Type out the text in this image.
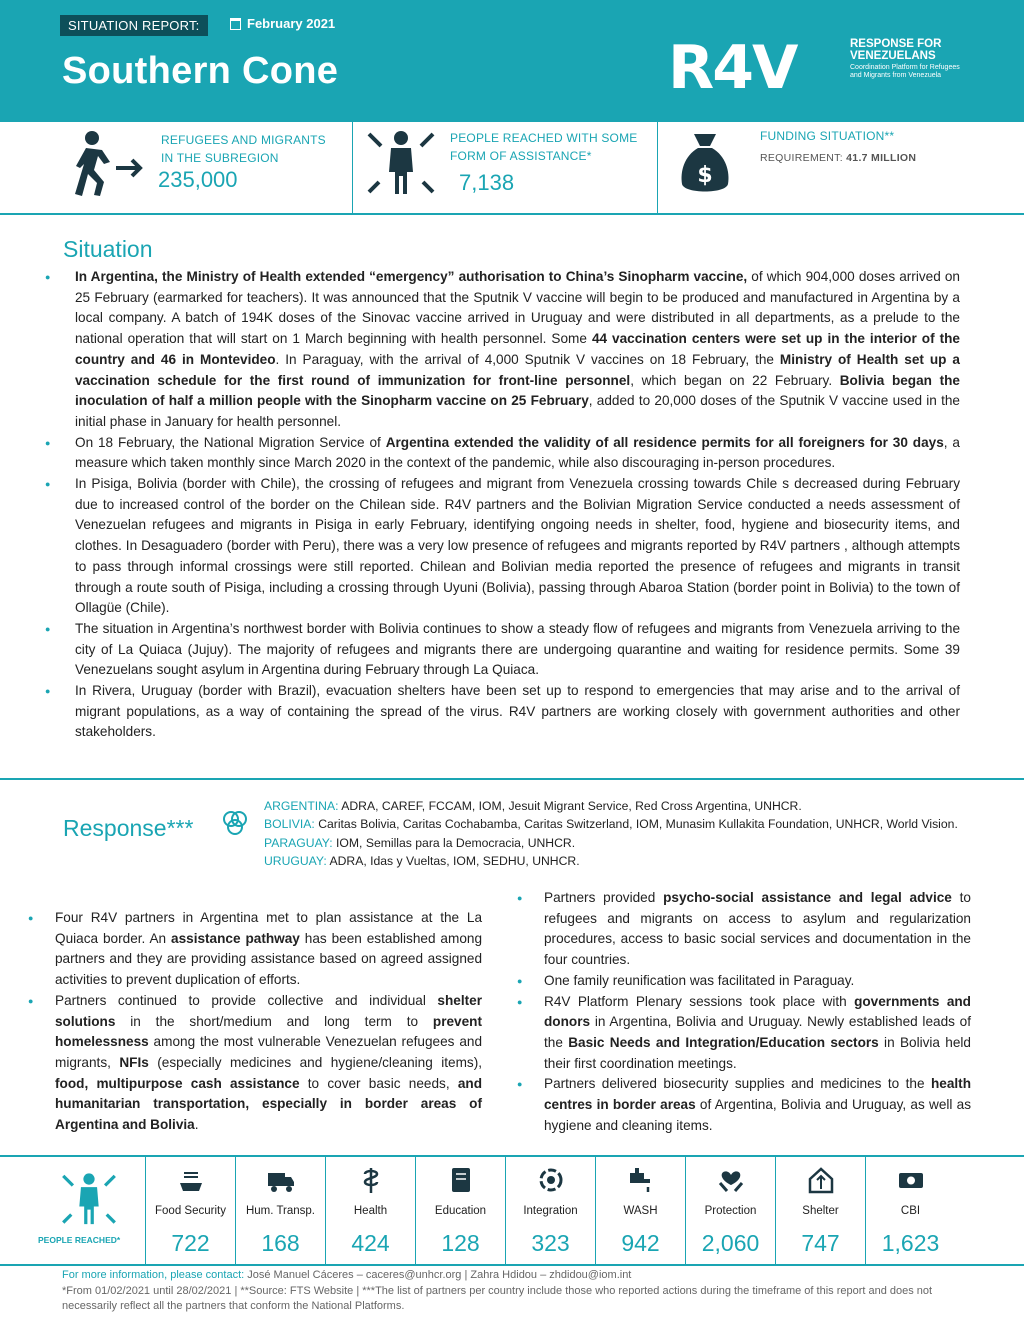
SITUATION REPORT:	February 2021
Southern Cone	R4V	RESPONSE FOR
VENEZUELANS
Coordination Platform for Refugees and Migrants from Venezuela
REFUGEES AND MIGRANTS
IN THE SUBREGION
235,000
PEOPLE REACHED WITH SOME
FORM OF ASSISTANCE*
7,138	$
FUNDING SITUATION**
REQUIREMENT: 41.7 MILLION
Situation
● In Argentina, the Ministry of Health extended “emergency” authorisation to China’s Sinopharm vaccine, of which 904,000 doses arrived on 25 February (earmarked for teachers). It was announced that the Sputnik V vaccine will begin to be produced and manufactured in Argentina by a local company. A batch of 194K doses of the Sinovac vaccine arrived in Uruguay and were distributed in all departments, as a prelude to the national operation that will start on 1 March beginning with health personnel. Some 44 vaccination centers were set up in the interior of the country and 46 in Montevideo. In Paraguay, with the arrival of 4,000 Sputnik V vaccines on 18 February, the Ministry of Health set up a vaccination schedule for the first round of immunization for front-line personnel, which began on 22 February. Bolivia began the inoculation of half a million people with the Sinopharm vaccine on 25 February, added to 20,000 doses of the Sputnik V vaccine used in the initial phase in January for health personnel.
● On 18 February, the National Migration Service of Argentina extended the validity of all residence permits for all foreigners for 30 days, a measure which taken monthly since March 2020 in the context of the pandemic, while also discouraging in-person procedures.
● In Pisiga, Bolivia (border with Chile), the crossing of refugees and migrant from Venezuela crossing towards Chile s decreased during February due to increased control of the border on the Chilean side. R4V partners and the Bolivian Migration Service conducted a needs assessment of Venezuelan refugees and migrants in Pisiga in early February, identifying ongoing needs in shelter, food, hygiene and biosecurity items, and clothes. In Desaguadero (border with Peru), there was a very low presence of refugees and migrants reported by R4V partners , although attempts to pass through informal crossings were still reported. Chilean and Bolivian media reported the presence of refugees and migrants in transit through a route south of Pisiga, including a crossing through Uyuni (Bolivia), passing through Abaroa Station (border point in Bolivia) to the town of Ollagüe (Chile).
● The situation in Argentina’s northwest border with Bolivia continues to show a steady flow of refugees and migrants from Venezuela arriving to the city of La Quiaca (Jujuy). The majority of refugees and migrants there are undergoing quarantine and waiting for residence permits. Some 39 Venezuelans sought asylum in Argentina during February through La Quiaca.
● In Rivera, Uruguay (border with Brazil), evacuation shelters have been set up to respond to emergencies that may arise and to the arrival of migrant populations, as a way of containing the spread of the virus. R4V partners are working closely with government authorities and other stakeholders.
Response***
ARGENTINA: ADRA, CAREF, FCCAM, IOM, Jesuit Migrant Service, Red Cross Argentina, UNHCR.
BOLIVIA: Caritas Bolivia, Caritas Cochabamba, Caritas Switzerland, IOM, Munasim Kullakita Foundation, UNHCR, World Vision.
PARAGUAY: IOM, Semillas para la Democracia, UNHCR.
URUGUAY: ADRA, Idas y Vueltas, IOM, SEDHU, UNHCR.
● Four R4V partners in Argentina met to plan assistance at the La Quiaca border. An assistance pathway has been established among partners and they are providing assistance based on agreed assigned activities to prevent duplication of efforts.
● Partners continued to provide collective and individual shelter solutions in the short/medium and long term to prevent homelessness among the most vulnerable Venezuelan refugees and migrants, NFIs (especially medicines and hygiene/cleaning items), food, multipurpose cash assistance to cover basic needs, and humanitarian transportation, especially in border areas of Argentina and Bolivia.
● Partners provided psycho-social assistance and legal advice to refugees and migrants on access to asylum and regularization procedures, access to basic social services and documentation in the four countries.
● One family reunification was facilitated in Paraguay.
● R4V Platform Plenary sessions took place with governments and donors in Argentina, Bolivia and Uruguay. Newly established leads of the Basic Needs and Integration/Education sectors in Bolivia held their first coordination meetings.
● Partners delivered biosecurity supplies and medicines to the health centres in border areas of Argentina, Bolivia and Uruguay, as well as hygiene and cleaning items.
PEOPLE REACHED*
Food Security
722
Hum. Transp.
168
Health
424
Education
128
Integration
323
WASH
942
Protection
2,060
Shelter
747
CBI
1,623
For more information, please contact: José Manuel Cáceres – caceres@unhcr.org | Zahra Hdidou – zhdidou@iom.int
*From 01/02/2021 until 28/02/2021 | **Source: FTS Website | ***The list of partners per country include those who reported actions during the timeframe of this report and does not necessarily reflect all the partners that conform the National Platforms.
